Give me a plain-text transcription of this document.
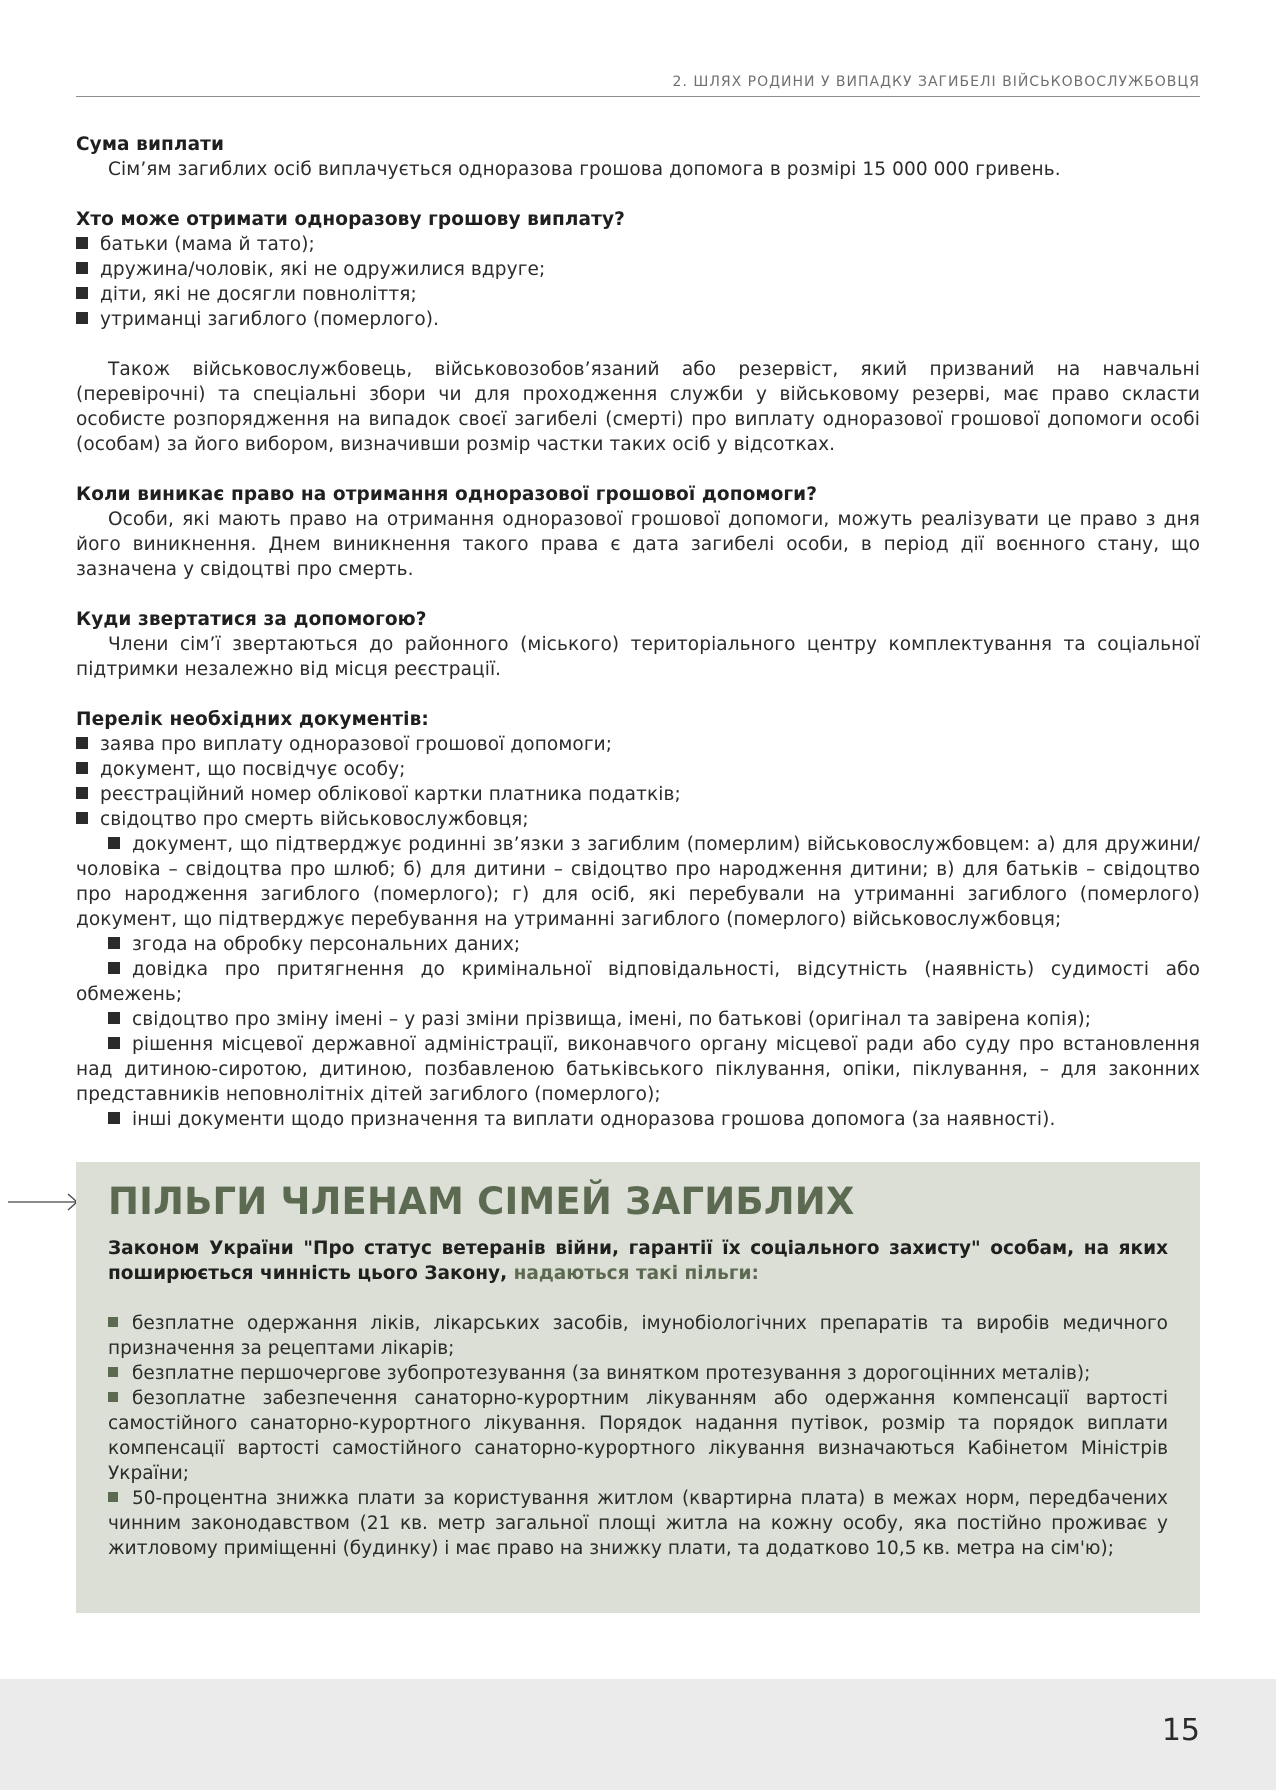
2. ШЛЯХ РОДИНИ У ВИПАДКУ ЗАГИБЕЛІ ВІЙСЬКОВОСЛУЖБОВЦЯ

Сума виплати

Сім’ям загиблих осіб виплачується одноразова грошова допомога в розмірі 15 000 000 гривень.

Хто може отримати одноразову грошову виплату?

батьки (мама й тато);

дружина/чоловік, які не одружилися вдруге;

діти, які не досягли повноліття;

утриманці загиблого (померлого).

Також військовослужбовець, військовозобов’язаний або резервіст, який призваний на навчальні (перевірочні) та спеціальні збори чи для проходження служби у військовому резерві, має право скласти особисте розпорядження на випадок своєї загибелі (смерті) про виплату одноразової грошової допомоги особі (особам) за його вибором, визначивши розмір частки таких осіб у відсотках.

Коли виникає право на отримання одноразової грошової допомоги?

Особи, які мають право на отримання одноразової грошової допомоги, можуть реалізувати це право з дня його виникнення. Днем виникнення такого права є дата загибелі особи, в період дії воєнного стану, що зазначена у свідоцтві про смерть.

Куди звертатися за допомогою?

Члени сім’ї звертаються до районного (міського) територіального центру комплектування та соціальної підтримки незалежно від місця реєстрації.

Перелік необхідних документів:

заява про виплату одноразової грошової допомоги;

документ, що посвідчує особу;

реєстраційний номер облікової картки платника податків;

свідоцтво про смерть військовослужбовця;

документ, що підтверджує родинні зв’язки з загиблим (померлим) військовослужбовцем: а) для дружини/чоловіка – свідоцтва про шлюб; б) для дитини – свідоцтво про народження дитини; в) для батьків – свідоцтво про народження загиблого (померлого); г) для осіб, які перебували на утриманні загиблого (померлого) документ, що підтверджує перебування на утриманні загиблого (померлого) військовослужбовця;

згода на обробку персональних даних;

довідка про притягнення до кримінальної відповідальності, відсутність (наявність) судимості або обмежень;

свідоцтво про зміну імені – у разі зміни прізвища, імені, по батькові (оригінал та завірена копія);

рішення місцевої державної адміністрації, виконавчого органу місцевої ради або суду про встановлення над дитиною-сиротою, дитиною, позбавленою батьківського піклування, опіки, піклування, – для законних представників неповнолітніх дітей загиблого (померлого);

інші документи щодо призначення та виплати одноразова грошова допомога (за наявності).

ПІЛЬГИ ЧЛЕНАМ СІМЕЙ ЗАГИБЛИХ

Законом України "Про статус ветеранів війни, гарантії їх соціального захисту" особам, на яких поширюється чинність цього Закону, надаються такі пільги:

безплатне одержання ліків, лікарських засобів, імунобіологічних препаратів та виробів медичного призначення за рецептами лікарів;

безплатне першочергове зубопротезування (за винятком протезування з дорогоцінних металів);

безоплатне забезпечення санаторно-курортним лікуванням або одержання компенсації вартості самостійного санаторно-курортного лікування. Порядок надання путівок, розмір та порядок виплати компенсації вартості самостійного санаторно-курортного лікування визначаються Кабінетом Міністрів України;

50-процентна знижка плати за користування житлом (квартирна плата) в межах норм, передбачених чинним законодавством (21 кв. метр загальної площі житла на кожну особу, яка постійно проживає у житловому приміщенні (будинку) і має право на знижку плати, та додатково 10,5 кв. метра на сім'ю);

15
